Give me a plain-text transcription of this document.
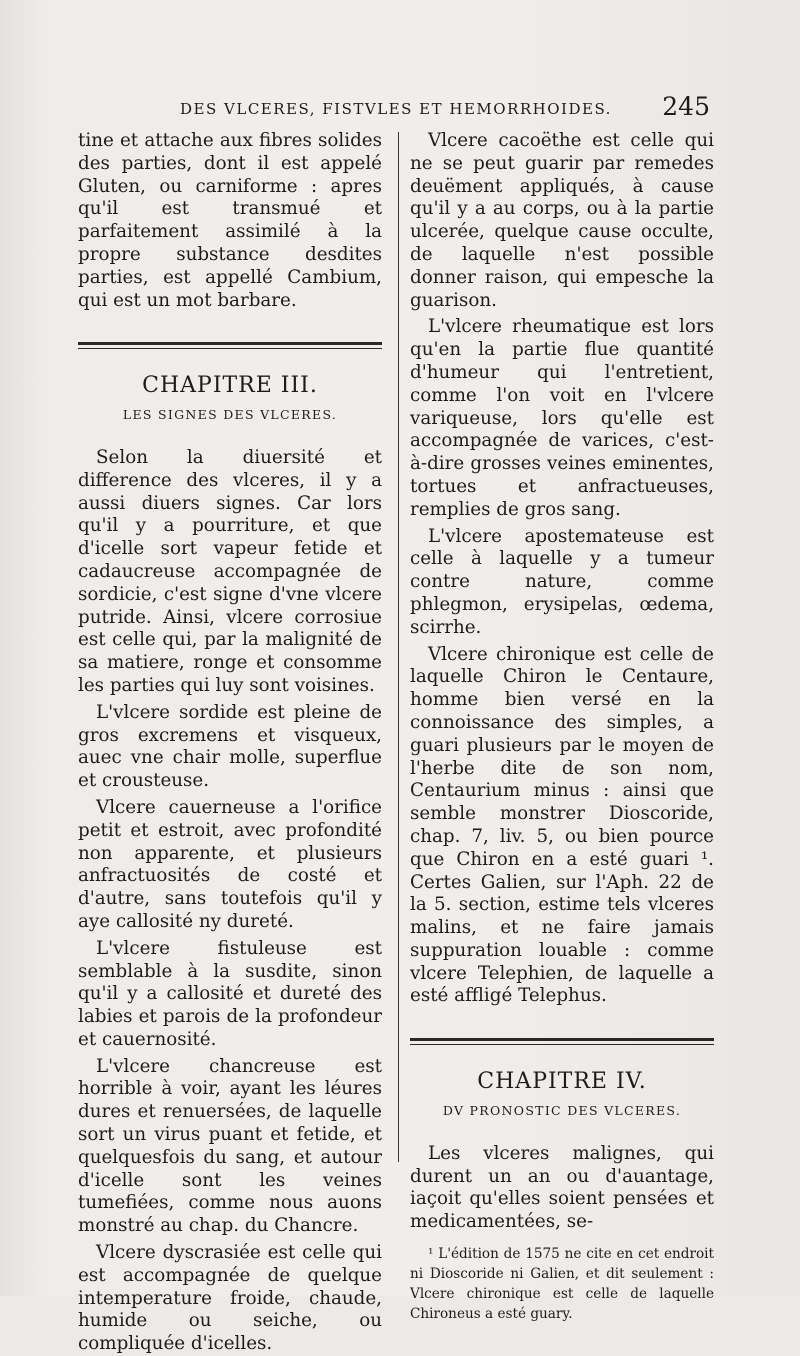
DES VLCERES, FISTVLES ET HEMORRHOIDES. 245

tine et attache aux fibres solides des parties, dont il est appelé Gluten, ou carniforme : apres qu'il est transmué et parfaitement assimilé à la propre substance desdites parties, est appellé Cambium, qui est un mot barbare.

CHAPITRE III.
LES SIGNES DES VLCERES.

Selon la diuersité et difference des vlceres, il y a aussi diuers signes. Car lors qu'il y a pourriture, et que d'icelle sort vapeur fetide et cadaucreuse accompagnée de sordicie, c'est signe d'vne vlcere putride. Ainsi, vlcere corrosiue est celle qui, par la malignité de sa matiere, ronge et consomme les parties qui luy sont voisines.

L'vlcere sordide est pleine de gros excremens et visqueux, auec vne chair molle, superflue et crousteuse.

Vlcere cauerneuse a l'orifice petit et estroit, avec profondité non apparente, et plusieurs anfractuosités de costé et d'autre, sans toutefois qu'il y aye callosité ny dureté.

L'vlcere fistuleuse est semblable à la susdite, sinon qu'il y a callosité et dureté des labies et parois de la profondeur et cauernosité.

L'vlcere chancreuse est horrible à voir, ayant les léures dures et renuersées, de laquelle sort un virus puant et fetide, et quelquesfois du sang, et autour d'icelle sont les veines tumefiées, comme nous auons monstré au chap. du Chancre.

Vlcere dyscrasiée est celle qui est accompagnée de quelque intemperature froide, chaude, humide ou seiche, ou compliquée d'icelles.

Vlcere cacoëthe est celle qui ne se peut guarir par remedes deuëment appliqués, à cause qu'il y a au corps, ou à la partie ulcerée, quelque cause occulte, de laquelle n'est possible donner raison, qui empesche la guarison.

L'vlcere rheumatique est lors qu'en la partie flue quantité d'humeur qui l'entretient, comme l'on voit en l'vlcere variqueuse, lors qu'elle est accompagnée de varices, c'est-à-dire grosses veines eminentes, tortues et anfractueuses, remplies de gros sang.

L'vlcere apostemateuse est celle à laquelle y a tumeur contre nature, comme phlegmon, erysipelas, œdema, scirrhe.

Vlcere chironique est celle de laquelle Chiron le Centaure, homme bien versé en la connoissance des simples, a guari plusieurs par le moyen de l'herbe dite de son nom, Centaurium minus : ainsi que semble monstrer Dioscoride, chap. 7, liv. 5, ou bien pource que Chiron en a esté guari ¹. Certes Galien, sur l'Aph. 22 de la 5. section, estime tels vlceres malins, et ne faire jamais suppuration louable : comme vlcere Telephien, de laquelle a esté affligé Telephus.

CHAPITRE IV.
DV PRONOSTIC DES VLCERES.

Les vlceres malignes, qui durent un an ou d'auantage, iaçoit qu'elles soient pensées et medicamentées, se-

¹ L'édition de 1575 ne cite en cet endroit ni Dioscoride ni Galien, et dit seulement : Vlcere chironique est celle de laquelle Chironeus a esté guary.
